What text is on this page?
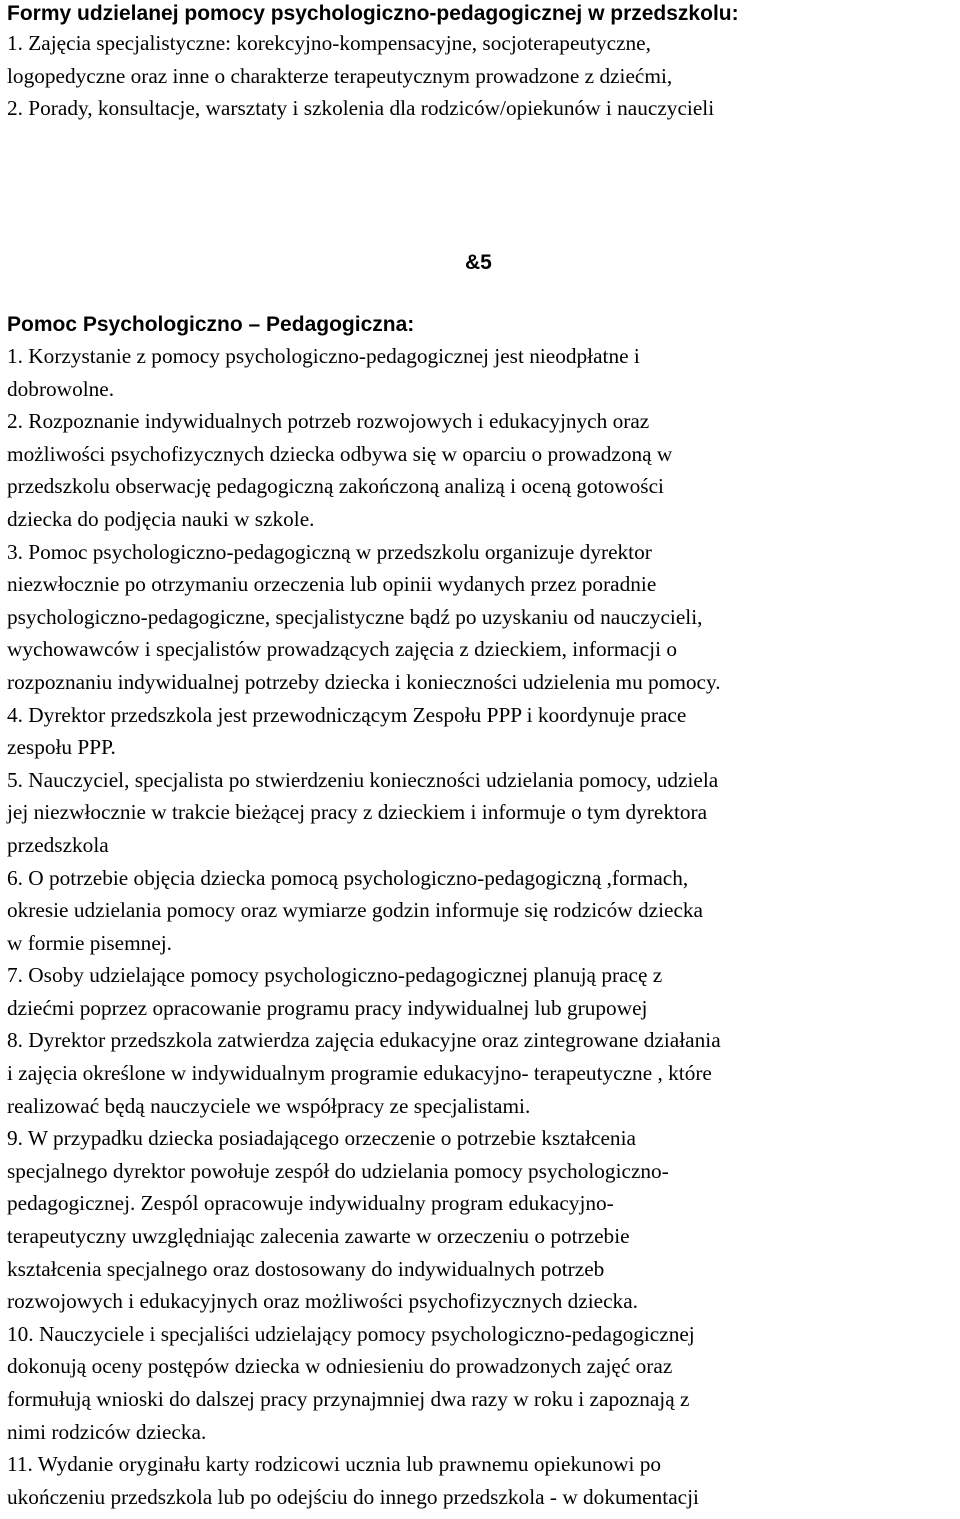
Formy udzielanej pomocy psychologiczno-pedagogicznej w przedszkolu:

1. Zajęcia specjalistyczne: korekcyjno-kompensacyjne, socjoterapeutyczne,

logopedyczne oraz inne o charakterze terapeutycznym prowadzone z dziećmi,

2. Porady, konsultacje, warsztaty i szkolenia dla rodziców/opiekunów i nauczycieli

&5

Pomoc Psychologiczno – Pedagogiczna:

1. Korzystanie z pomocy psychologiczno-pedagogicznej jest nieodpłatne i

dobrowolne.

2. Rozpoznanie indywidualnych potrzeb rozwojowych i edukacyjnych oraz

możliwości psychofizycznych dziecka odbywa się w oparciu o prowadzoną w

przedszkolu obserwację pedagogiczną zakończoną analizą i oceną gotowości

dziecka do podjęcia nauki w szkole.

3. Pomoc psychologiczno-pedagogiczną w przedszkolu organizuje dyrektor

niezwłocznie po otrzymaniu orzeczenia lub opinii wydanych przez poradnie

psychologiczno-pedagogiczne, specjalistyczne bądź po uzyskaniu od nauczycieli,

wychowawców i specjalistów prowadzących zajęcia z dzieckiem, informacji o

rozpoznaniu indywidualnej potrzeby dziecka i konieczności udzielenia mu pomocy.

4. Dyrektor przedszkola jest przewodniczącym Zespołu PPP i koordynuje prace

zespołu PPP.

5. Nauczyciel, specjalista po stwierdzeniu konieczności udzielania pomocy, udziela

jej niezwłocznie w trakcie bieżącej pracy z dzieckiem i informuje o tym dyrektora

przedszkola

6. O potrzebie objęcia dziecka pomocą psychologiczno-pedagogiczną ,formach,

okresie udzielania pomocy oraz wymiarze godzin informuje się rodziców dziecka

w formie pisemnej.

7. Osoby udzielające pomocy psychologiczno-pedagogicznej planują pracę z

dziećmi poprzez opracowanie programu pracy indywidualnej lub grupowej

8. Dyrektor przedszkola zatwierdza zajęcia edukacyjne oraz zintegrowane działania

i zajęcia określone w indywidualnym programie edukacyjno- terapeutyczne , które

realizować będą nauczyciele we współpracy ze specjalistami.

9. W przypadku dziecka posiadającego orzeczenie o potrzebie kształcenia

specjalnego dyrektor powołuje zespół do udzielania pomocy psychologiczno-

pedagogicznej. Zespól opracowuje indywidualny program edukacyjno-

terapeutyczny uwzględniając zalecenia zawarte w orzeczeniu o potrzebie

kształcenia specjalnego oraz dostosowany do indywidualnych potrzeb

rozwojowych i edukacyjnych oraz możliwości psychofizycznych dziecka.

10. Nauczyciele i specjaliści udzielający pomocy psychologiczno-pedagogicznej

dokonują oceny postępów dziecka w odniesieniu do prowadzonych zajęć oraz

formułują wnioski do dalszej pracy przynajmniej dwa razy w roku i zapoznają z

nimi rodziców dziecka.

11. Wydanie oryginału karty rodzicowi ucznia lub prawnemu opiekunowi po

ukończeniu przedszkola lub po odejściu do innego przedszkola - w dokumentacji
